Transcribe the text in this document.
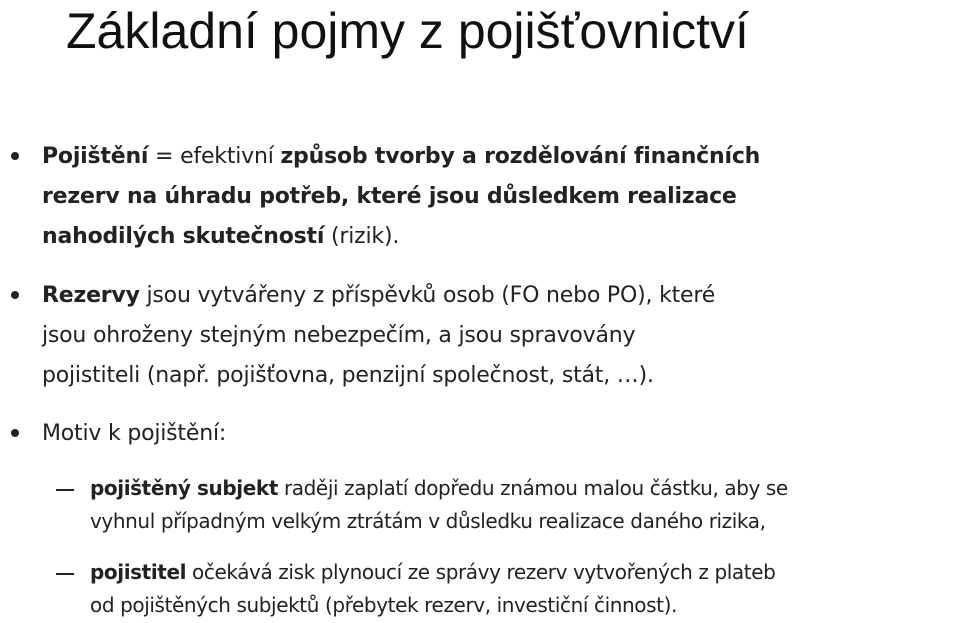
Základní pojmy z pojišťovnictví
Pojištění = efektivní způsob tvorby a rozdělování finančních
rezerv na úhradu potřeb, které jsou důsledkem realizace
nahodilých skutečností (rizik).
Rezervy jsou vytvářeny z příspěvků osob (FO nebo PO), které
jsou ohroženy stejným nebezpečím, a jsou spravovány
pojistiteli (např. pojišťovna, penzijní společnost, stát, …).
Motiv k pojištění:
pojištěný subjekt raději zaplatí dopředu známou malou částku, aby se
vyhnul případným velkým ztrátám v důsledku realizace daného rizika,
pojistitel očekává zisk plynoucí ze správy rezerv vytvořených z plateb
od pojištěných subjektů (přebytek rezerv, investiční činnost).
